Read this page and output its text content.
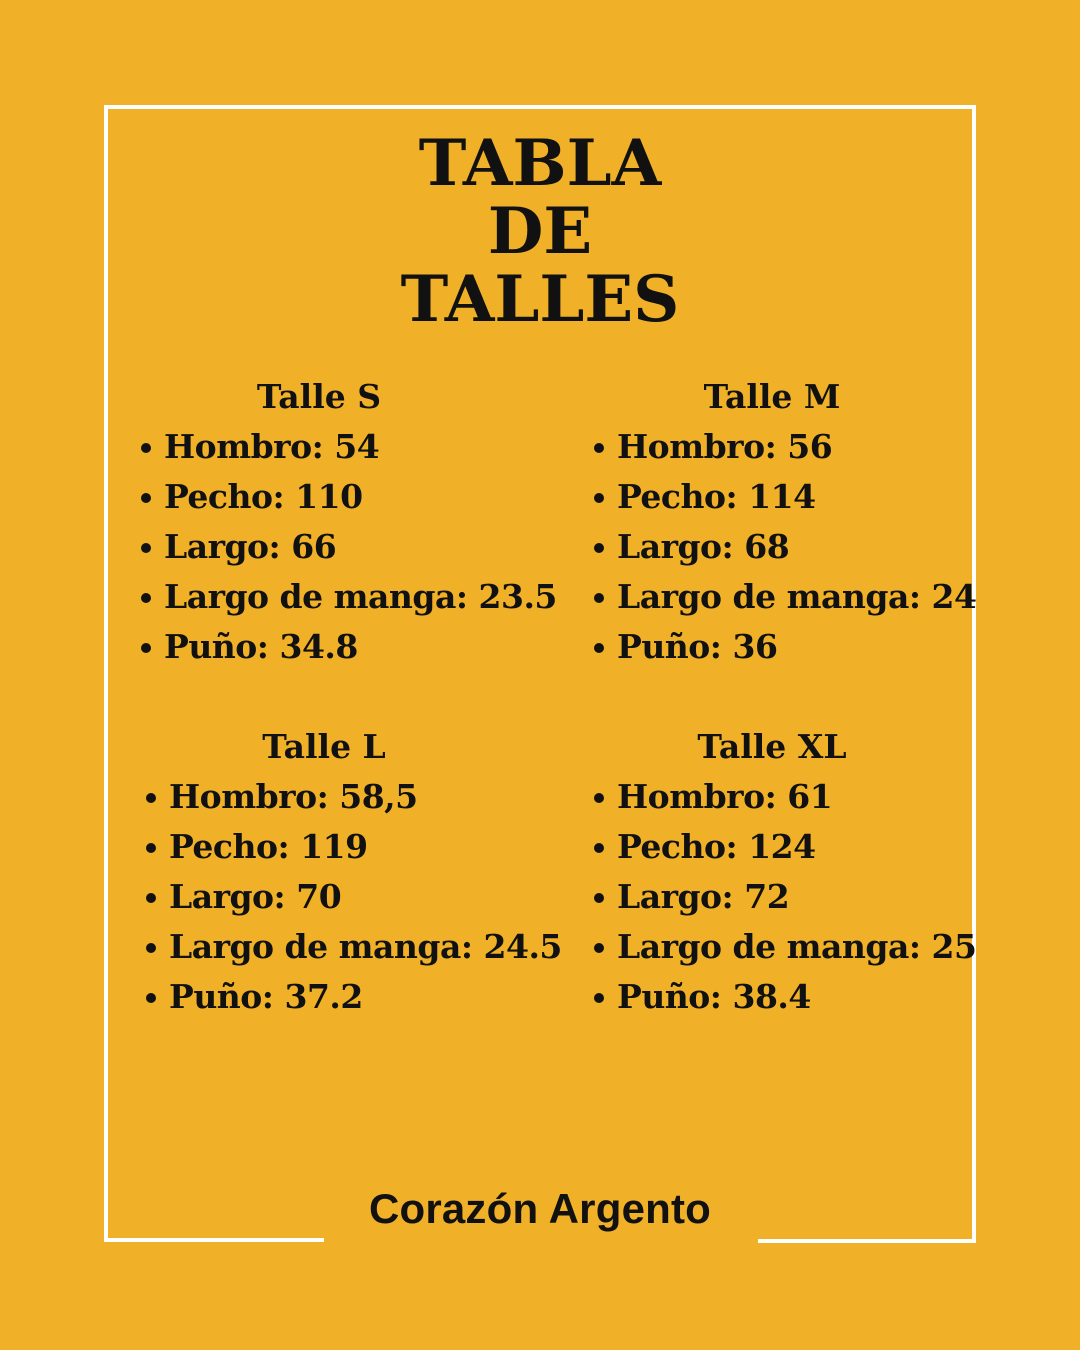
TABLA
DE
TALLES
Talle S
Hombro: 54
Pecho: 110
Largo: 66
Largo de manga: 23.5
Puño: 34.8
Talle M
Hombro: 56
Pecho: 114
Largo: 68
Largo de manga: 24
Puño: 36
Talle L
Hombro: 58,5
Pecho: 119
Largo: 70
Largo de manga: 24.5
Puño: 37.2
Talle XL
Hombro: 61
Pecho: 124
Largo: 72
Largo de manga: 25
Puño: 38.4
Corazón Argento
